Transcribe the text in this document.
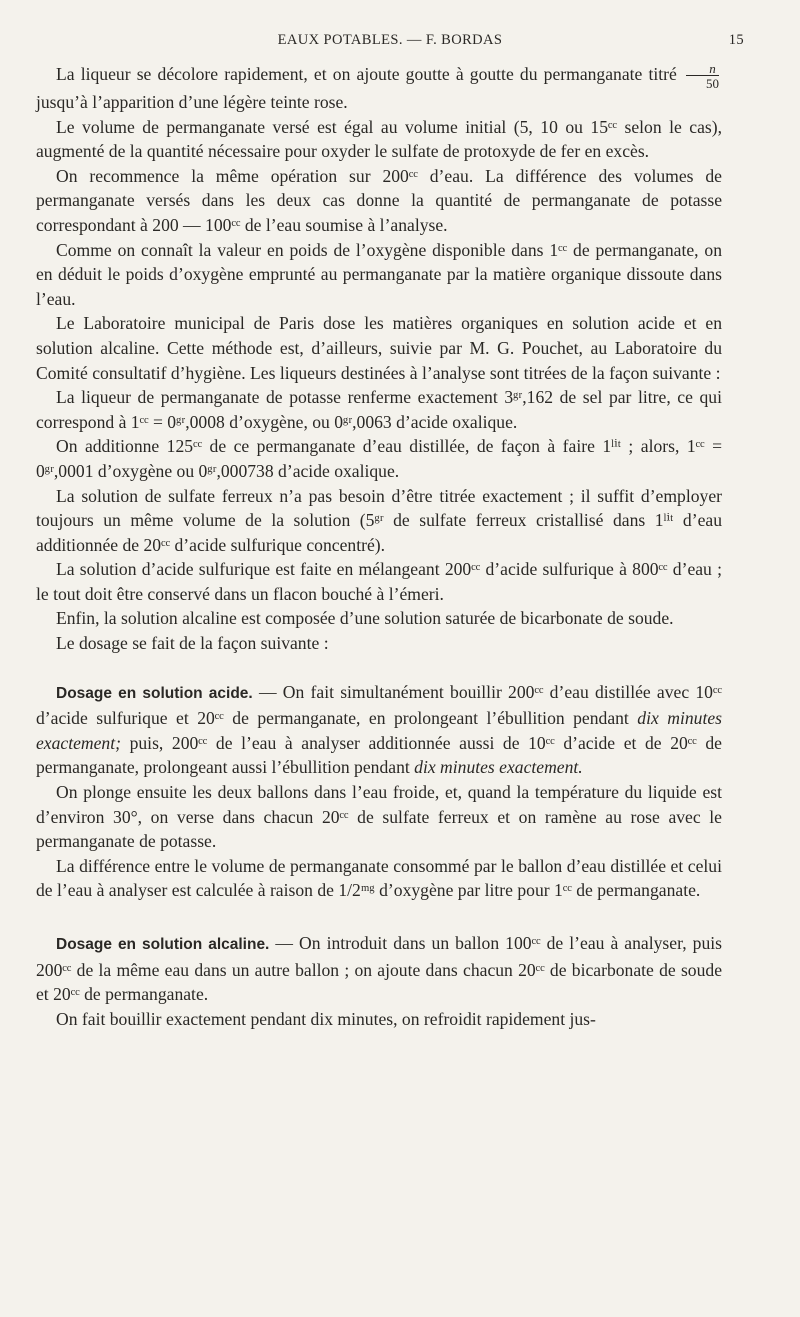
EAUX POTABLES. — F. BORDAS	15

La liqueur se décolore rapidement, et on ajoute goutte à goutte du permanganate titré $\frac{n}{50}$
jusqu’à l’apparition d’une légère teinte rose.

Le volume de permanganate versé est égal au volume initial (5, 10 ou 15ᶜᶜ selon le cas), augmenté de la quantité nécessaire pour oxyder le sulfate de protoxyde de fer en excès.

On recommence la même opération sur 200ᶜᶜ d’eau. La différence des volumes de permanganate versés dans les deux cas donne la quantité de permanganate de potasse correspondant à 200 — 100ᶜᶜ de l’eau soumise à l’analyse.

Comme on connaît la valeur en poids de l’oxygène disponible dans 1ᶜᶜ de permanganate, on en déduit le poids d’oxygène emprunté au permanganate par la matière organique dissoute dans l’eau.

Le Laboratoire municipal de Paris dose les matières organiques en solution acide et en solution alcaline. Cette méthode est, d’ailleurs, suivie par M. G. Pouchet, au Laboratoire du Comité consultatif d’hygiène. Les liqueurs destinées à l’analyse sont titrées de la façon suivante :

La liqueur de permanganate de potasse renferme exactement 3ᵍʳ,162 de sel par litre, ce qui correspond à 1ᶜᶜ = 0ᵍʳ,0008 d’oxygène, ou 0ᵍʳ,0063 d’acide oxalique.

On additionne 125ᶜᶜ de ce permanganate d’eau distillée, de façon à faire 1ˡⁱᵗ ; alors, 1ᶜᶜ = 0ᵍʳ,0001 d’oxygène ou 0ᵍʳ,000738 d’acide oxalique.

La solution de sulfate ferreux n’a pas besoin d’être titrée exactement ; il suffit d’employer toujours un même volume de la solution (5ᵍʳ de sulfate ferreux cristallisé dans 1ˡⁱᵗ d’eau additionnée de 20ᶜᶜ d’acide sulfurique concentré).

La solution d’acide sulfurique est faite en mélangeant 200ᶜᶜ d’acide sulfurique à 800ᶜᶜ d’eau ; le tout doit être conservé dans un flacon bouché à l’émeri.

Enfin, la solution alcaline est composée d’une solution saturée de bicarbonate de soude.

Le dosage se fait de la façon suivante :

Dosage en solution acide. — On fait simultanément bouillir 200ᶜᶜ d’eau distillée avec 10ᶜᶜ d’acide sulfurique et 20ᶜᶜ de permanganate, en prolongeant l’ébullition pendant dix minutes exactement; puis, 200ᶜᶜ de l’eau à analyser additionnée aussi de 10ᶜᶜ d’acide et de 20ᶜᶜ de permanganate, prolongeant aussi l’ébullition pendant dix minutes exactement.

On plonge ensuite les deux ballons dans l’eau froide, et, quand la température du liquide est d’environ 30°, on verse dans chacun 20ᶜᶜ de sulfate ferreux et on ramène au rose avec le permanganate de potasse.

La différence entre le volume de permanganate consommé par le ballon d’eau distillée et celui de l’eau à analyser est calculée à raison de 1/2ᵐᵍ d’oxygène par litre pour 1ᶜᶜ de permanganate.

Dosage en solution alcaline. — On introduit dans un ballon 100ᶜᶜ de l’eau à analyser, puis 200ᶜᶜ de la même eau dans un autre ballon ; on ajoute dans chacun 20ᶜᶜ de bicarbonate de soude et 20ᶜᶜ de permanganate.

On fait bouillir exactement pendant dix minutes, on refroidit rapidement jus-
